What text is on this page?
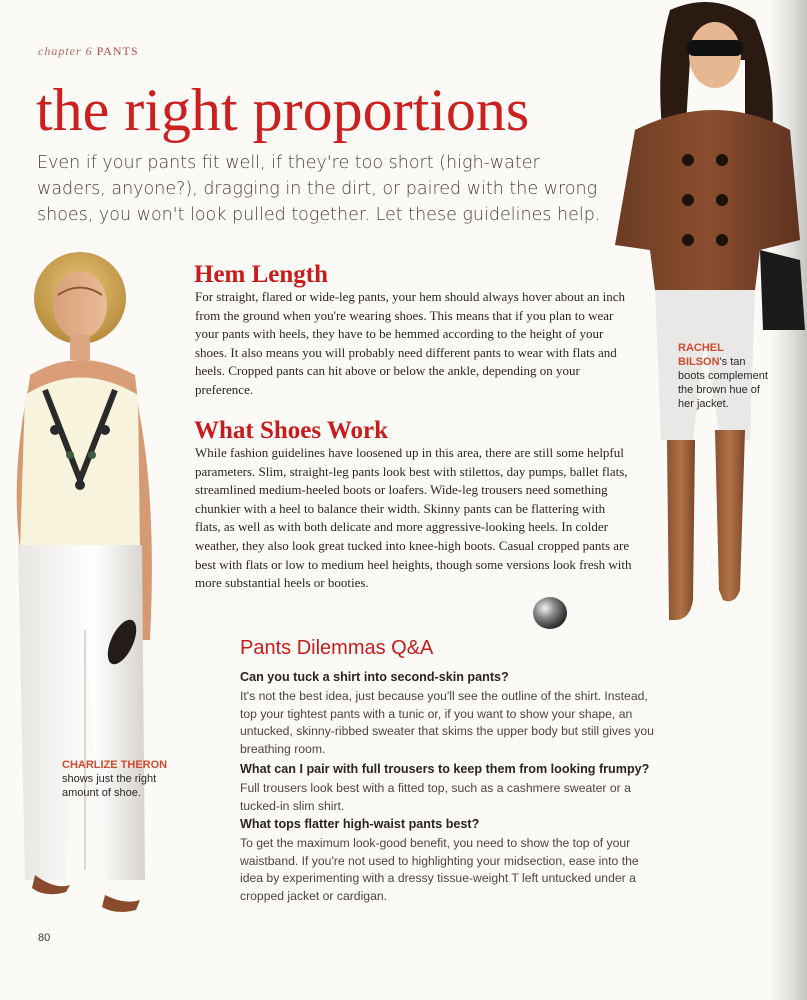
chapter 6 PANTS
the right proportions

Even if your pants fit well, if they're too short (high-water waders, anyone?), dragging in the dirt, or paired with the wrong shoes, you won't look pulled together. Let these guidelines help.

Hem Length

For straight, flared or wide-leg pants, your hem should always hover about an inch from the ground when you're wearing shoes. This means that if you plan to wear your pants with heels, they have to be hemmed according to the height of your shoes. It also means you will probably need different pants to wear with flats and heels. Cropped pants can hit above or below the ankle, depending on your preference.

What Shoes Work

While fashion guidelines have loosened up in this area, there are still some helpful parameters. Slim, straight-leg pants look best with stilettos, day pumps, ballet flats, streamlined medium-heeled boots or loafers. Wide-leg trousers need something chunkier with a heel to balance their width. Skinny pants can be flattering with flats, as well as with both delicate and more aggressive-looking heels. In colder weather, they also look great tucked into knee-high boots. Casual cropped pants are best with flats or low to medium heel heights, though some versions look fresh with more substantial heels or booties.

Pants Dilemmas Q&A

Can you tuck a shirt into second-skin pants?

It's not the best idea, just because you'll see the outline of the shirt. Instead, top your tightest pants with a tunic or, if you want to show your shape, an untucked, skinny-ribbed sweater that skims the upper body but still gives you breathing room.

What can I pair with full trousers to keep them from looking frumpy?

Full trousers look best with a fitted top, such as a cashmere sweater or a tucked-in slim shirt.

What tops flatter high-waist pants best?

To get the maximum look-good benefit, you need to show the top of your waistband. If you're not used to highlighting your midsection, ease into the idea by experimenting with a dressy tissue-weight T left untucked under a cropped jacket or cardigan.

CHARLIZE THERON
shows just the right amount of shoe.
RACHEL BILSON's tan boots complement the brown hue of her jacket.
80
